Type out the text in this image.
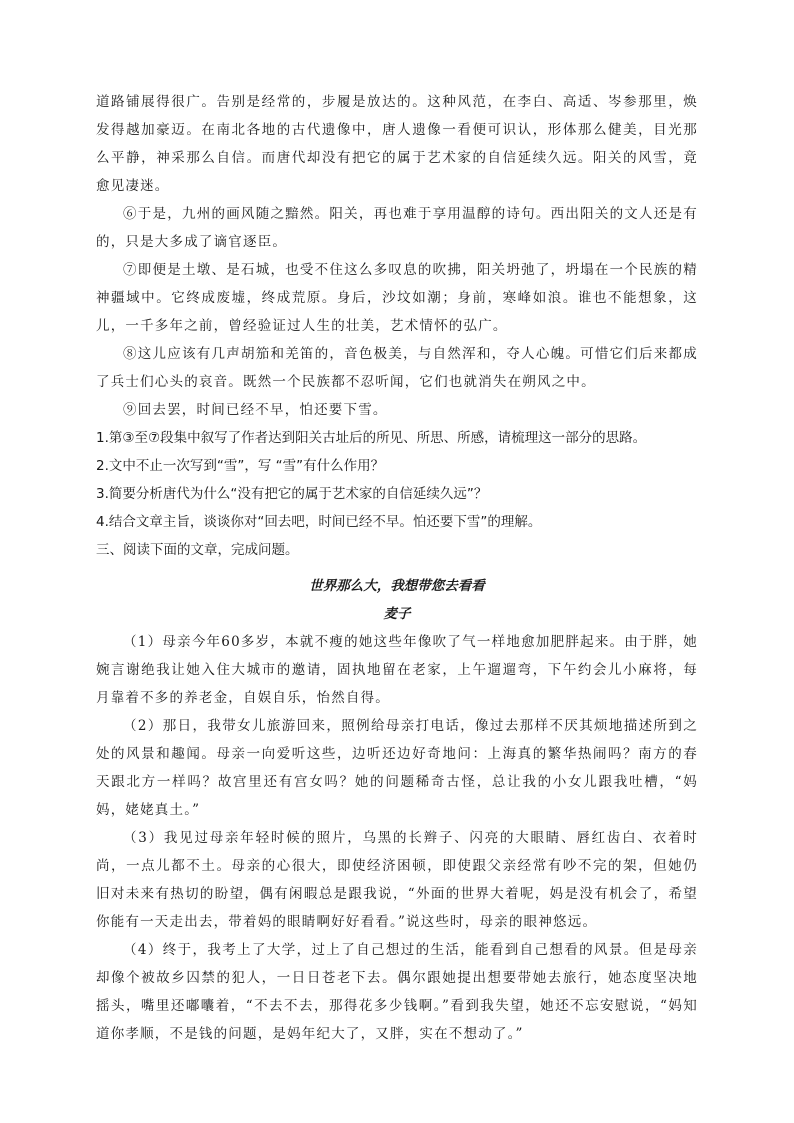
道路铺展得很广。告别是经常的，步履是放达的。这种风范，在李白、高适、岑参那里，焕发得越加豪迈。在南北各地的古代遗像中，唐人遗像一看便可识认，形体那么健美，目光那么平静，神采那么自信。而唐代却没有把它的属于艺术家的自信延续久远。阳关的风雪，竟愈见凄迷。

⑥于是，九州的画风随之黯然。阳关，再也难于享用温醇的诗句。西出阳关的文人还是有的，只是大多成了谪官逐臣。

⑦即便是土墩、是石城，也受不住这么多叹息的吹拂，阳关坍弛了，坍塌在一个民族的精神疆域中。它终成废墟，终成荒原。身后，沙坟如潮；身前，寒峰如浪。谁也不能想象，这儿，一千多年之前，曾经验证过人生的壮美，艺术情怀的弘广。

⑧这儿应该有几声胡笳和羌笛的，音色极美，与自然浑和，夺人心魄。可惜它们后来都成了兵士们心头的哀音。既然一个民族都不忍听闻，它们也就消失在朔风之中。

⑨回去罢，时间已经不早，怕还要下雪。

1.第③至⑦段集中叙写了作者达到阳关古址后的所见、所思、所感，请梳理这一部分的思路。

2.文中不止一次写到“雪”，写 “雪”有什么作用？

3.简要分析唐代为什么“没有把它的属于艺术家的自信延续久远”？

4.结合文章主旨，谈谈你对“回去吧，时间已经不早。怕还要下雪”的理解。

三、阅读下面的文章，完成问题。

世界那么大，我想带您去看看

麦子

（1）母亲今年60多岁，本就不瘦的她这些年像吹了气一样地愈加肥胖起来。由于胖，她婉言谢绝我让她入住大城市的邀请，固执地留在老家，上午遛遛弯，下午约会儿小麻将，每月靠着不多的养老金，自娱自乐，怡然自得。

（2）那日，我带女儿旅游回来，照例给母亲打电话，像过去那样不厌其烦地描述所到之处的风景和趣闻。母亲一向爱听这些，边听还边好奇地问：上海真的繁华热闹吗？南方的春天跟北方一样吗？故宫里还有宫女吗？她的问题稀奇古怪，总让我的小女儿跟我吐槽，“妈妈，姥姥真土。”

（3）我见过母亲年轻时候的照片，乌黑的长辫子、闪亮的大眼睛、唇红齿白、衣着时尚，一点儿都不土。母亲的心很大，即使经济困顿，即使跟父亲经常有吵不完的架，但她仍旧对未来有热切的盼望，偶有闲暇总是跟我说，“外面的世界大着呢，妈是没有机会了，希望你能有一天走出去，带着妈的眼睛啊好好看看。”说这些时，母亲的眼神悠远。

（4）终于，我考上了大学，过上了自己想过的生活，能看到自己想看的风景。但是母亲却像个被故乡囚禁的犯人，一日日苍老下去。偶尔跟她提出想要带她去旅行，她态度坚决地摇头，嘴里还嘟囔着，“不去不去，那得花多少钱啊。”看到我失望，她还不忘安慰说，“妈知道你孝顺，不是钱的问题，是妈年纪大了，又胖，实在不想动了。”
